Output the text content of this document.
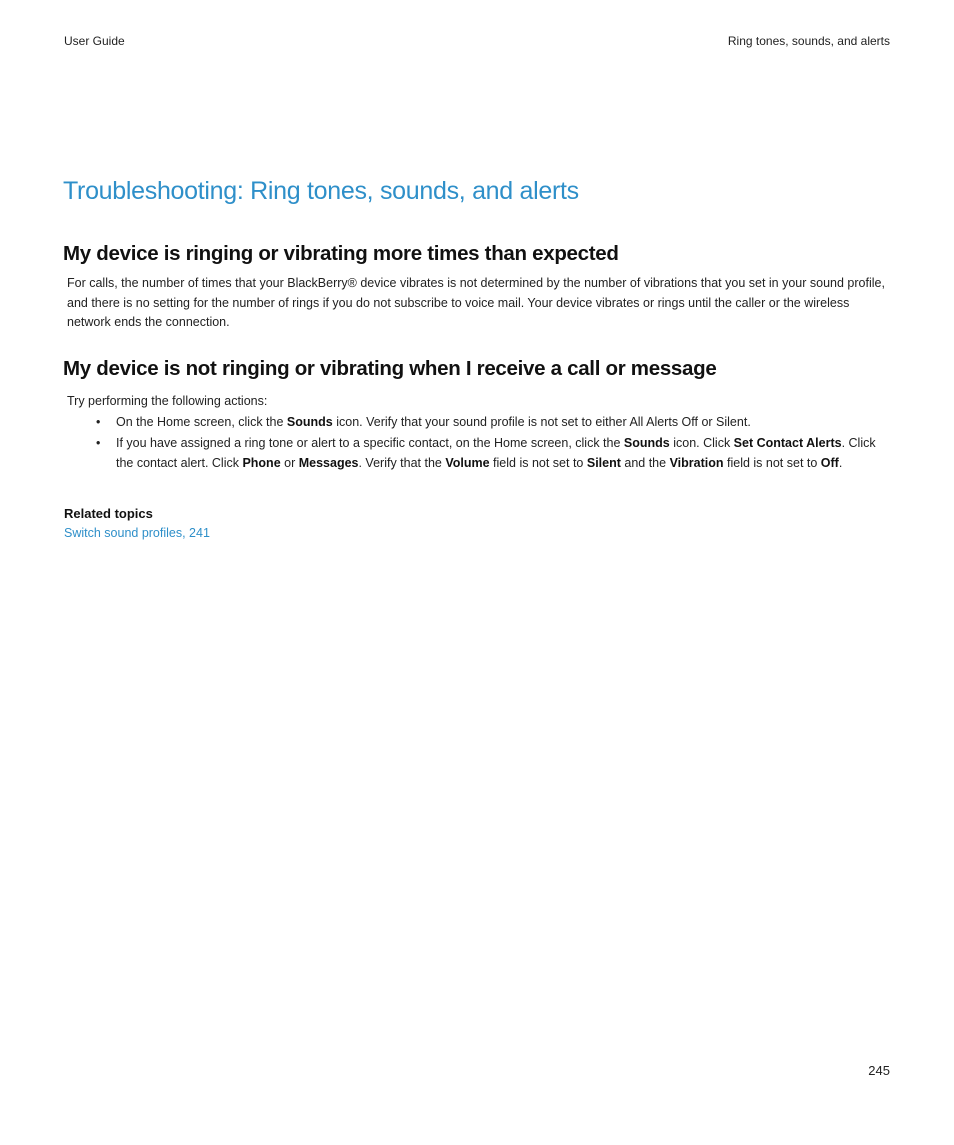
User Guide	Ring tones, sounds, and alerts
Troubleshooting: Ring tones, sounds, and alerts
My device is ringing or vibrating more times than expected

For calls, the number of times that your BlackBerry® device vibrates is not determined by the number of vibrations that you set in your sound profile, and there is no setting for the number of rings if you do not subscribe to voice mail. Your device vibrates or rings until the caller or the wireless network ends the connection.

My device is not ringing or vibrating when I receive a call or message

Try performing the following actions:

• On the Home screen, click the Sounds icon. Verify that your sound profile is not set to either All Alerts Off or Silent.
• If you have assigned a ring tone or alert to a specific contact, on the Home screen, click the Sounds icon. Click Set Contact Alerts. Click the contact alert. Click Phone or Messages. Verify that the Volume field is not set to Silent and the Vibration field is not set to Off.

Related topics

Switch sound profiles, 241
245
